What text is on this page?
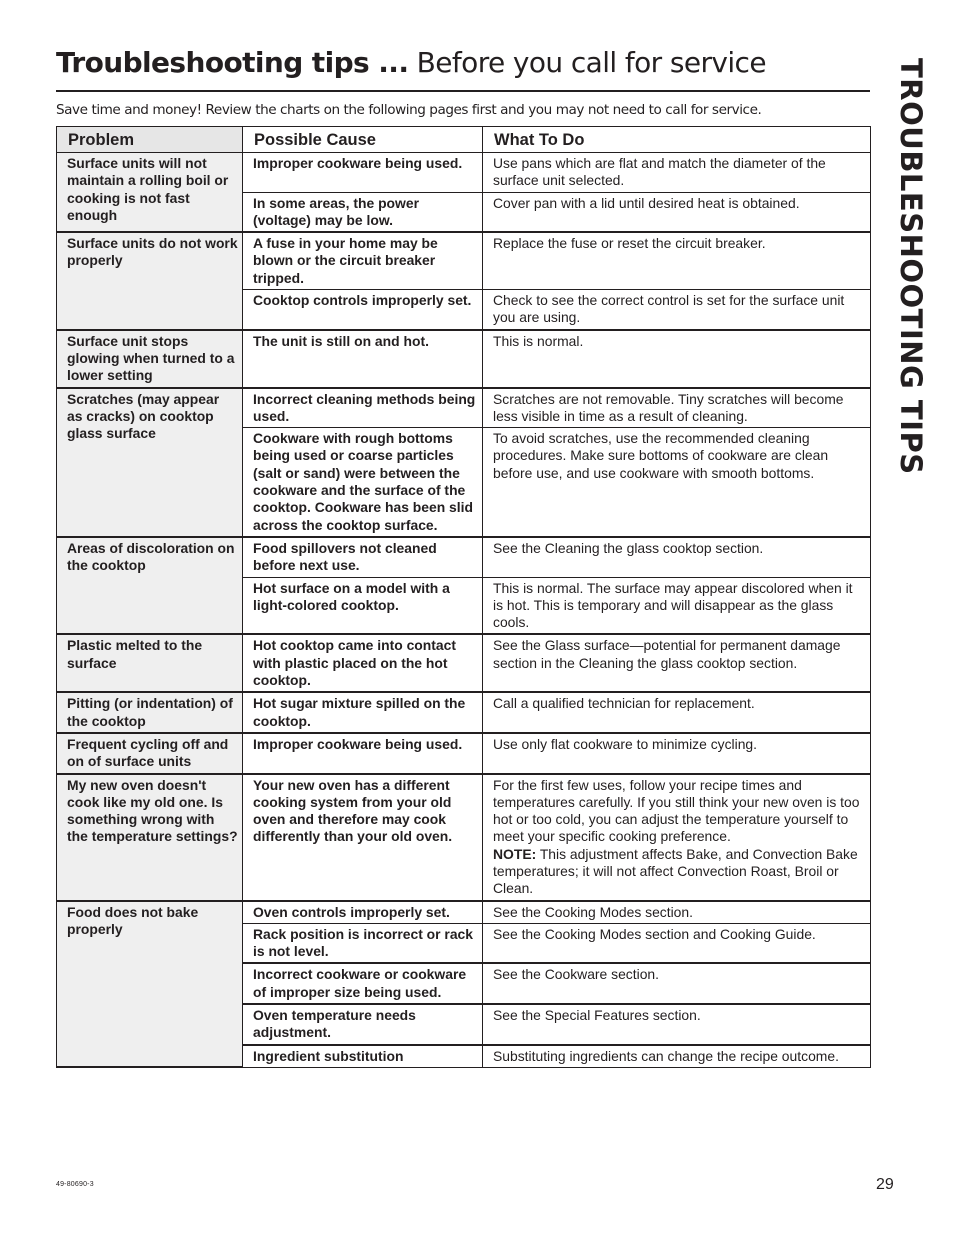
Troubleshooting tips ... Before you call for service
Save time and money! Review the charts on the following pages first and you may not need to call for service.	TROUBLESHOOTING TIPS
Problem	Possible Cause	What To Do
Surface units will not maintain a rolling boil or cooking is not fast enough	Improper cookware being used.	Use pans which are flat and match the diameter of the surface unit selected.
	In some areas, the power (voltage) may be low.	Cover pan with a lid until desired heat is obtained.
Surface units do not work properly	A fuse in your home may be blown or the circuit breaker tripped.	Replace the fuse or reset the circuit breaker.
	Cooktop controls improperly set.	Check to see the correct control is set for the surface unit you are using.
Surface unit stops glowing when turned to a lower setting	The unit is still on and hot.	This is normal.
Scratches (may appear as cracks) on cooktop glass surface	Incorrect cleaning methods being used.	Scratches are not removable. Tiny scratches will become less visible in time as a result of cleaning.
	Cookware with rough bottoms being used or coarse particles (salt or sand) were between the cookware and the surface of the cooktop. Cookware has been slid across the cooktop surface.	To avoid scratches, use the recommended cleaning procedures. Make sure bottoms of cookware are clean before use, and use cookware with smooth bottoms.
Areas of discoloration on the cooktop	Food spillovers not cleaned before next use.	See the Cleaning the glass cooktop section.
	Hot surface on a model with a light-colored cooktop.	This is normal. The surface may appear discolored when it is hot. This is temporary and will disappear as the glass cools.
Plastic melted to the surface	Hot cooktop came into contact with plastic placed on the hot cooktop.	See the Glass surface—potential for permanent damage section in the Cleaning the glass cooktop section.
Pitting (or indentation) of the cooktop	Hot sugar mixture spilled on the cooktop.	Call a qualified technician for replacement.
Frequent cycling off and on of surface units	Improper cookware being used.	Use only flat cookware to minimize cycling.
My new oven doesn't cook like my old one. Is something wrong with the temperature settings?	Your new oven has a different cooking system from your old oven and therefore may cook differently than your old oven.	For the first few uses, follow your recipe times and temperatures carefully. If you still think your new oven is too hot or too cold, you can adjust the temperature yourself to meet your specific cooking preference.
NOTE: This adjustment affects Bake, and Convection Bake temperatures; it will not affect Convection Roast, Broil or Clean.
Food does not bake properly	Oven controls improperly set.	See the Cooking Modes section.
	Rack position is incorrect or rack is not level.	See the Cooking Modes section and Cooking Guide.
	Incorrect cookware or cookware of improper size being used.	See the Cookware section.
	Oven temperature needs adjustment.	See the Special Features section.
	Ingredient substitution	Substituting ingredients can change the recipe outcome.
49-80690-3	29
